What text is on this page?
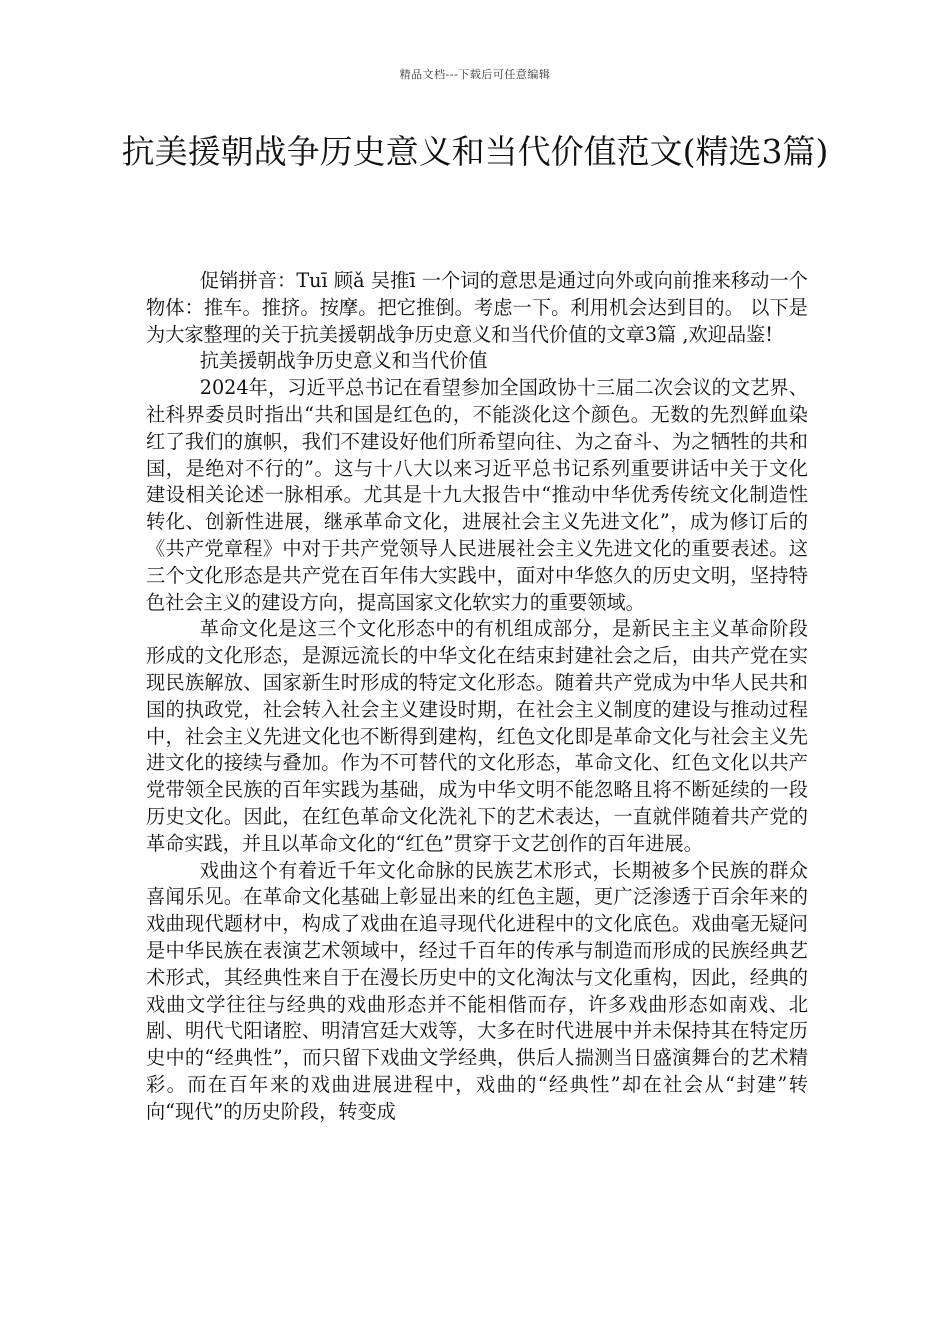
精品文档---下载后可任意编辑
抗美援朝战争历史意义和当代价值范文(精选3篇)

促销拼音：Tuī 顾ǎ 吴推ī 一个词的意思是通过向外或向前推来移动一个物体：推车。推挤。按摩。把它推倒。考虑一下。利用机会达到目的。 以下是为大家整理的关于抗美援朝战争历史意义和当代价值的文章3篇 ,欢迎品鉴!

抗美援朝战争历史意义和当代价值

2024年，习近平总书记在看望参加全国政协十三届二次会议的文艺界、社科界委员时指出“共和国是红色的，不能淡化这个颜色。无数的先烈鲜血染红了我们的旗帜，我们不建设好他们所希望向往、为之奋斗、为之牺牲的共和国，是绝对不行的”。这与十八大以来习近平总书记系列重要讲话中关于文化建设相关论述一脉相承。尤其是十九大报告中“推动中华优秀传统文化制造性转化、创新性进展，继承革命文化，进展社会主义先进文化”，成为修订后的《共产党章程》中对于共产党领导人民进展社会主义先进文化的重要表述。这三个文化形态是共产党在百年伟大实践中，面对中华悠久的历史文明，坚持特色社会主义的建设方向，提高国家文化软实力的重要领域。

革命文化是这三个文化形态中的有机组成部分，是新民主主义革命阶段形成的文化形态，是源远流长的中华文化在结束封建社会之后，由共产党在实现民族解放、国家新生时形成的特定文化形态。随着共产党成为中华人民共和国的执政党，社会转入社会主义建设时期，在社会主义制度的建设与推动过程中，社会主义先进文化也不断得到建构，红色文化即是革命文化与社会主义先进文化的接续与叠加。作为不可替代的文化形态，革命文化、红色文化以共产党带领全民族的百年实践为基础，成为中华文明不能忽略且将不断延续的一段历史文化。因此，在红色革命文化洗礼下的艺术表达，一直就伴随着共产党的革命实践，并且以革命文化的“红色”贯穿于文艺创作的百年进展。

戏曲这个有着近千年文化命脉的民族艺术形式，长期被多个民族的群众喜闻乐见。在革命文化基础上彰显出来的红色主题，更广泛渗透于百余年来的戏曲现代题材中，构成了戏曲在追寻现代化进程中的文化底色。戏曲毫无疑问是中华民族在表演艺术领域中，经过千百年的传承与制造而形成的民族经典艺术形式，其经典性来自于在漫长历史中的文化淘汰与文化重构，因此，经典的戏曲文学往往与经典的戏曲形态并不能相偕而存，许多戏曲形态如南戏、北剧、明代弋阳诸腔、明清宫廷大戏等，大多在时代进展中并未保持其在特定历史中的“经典性”，而只留下戏曲文学经典，供后人揣测当日盛演舞台的艺术精彩。而在百年来的戏曲进展进程中，戏曲的“经典性”却在社会从“封建”转向“现代”的历史阶段，转变成
